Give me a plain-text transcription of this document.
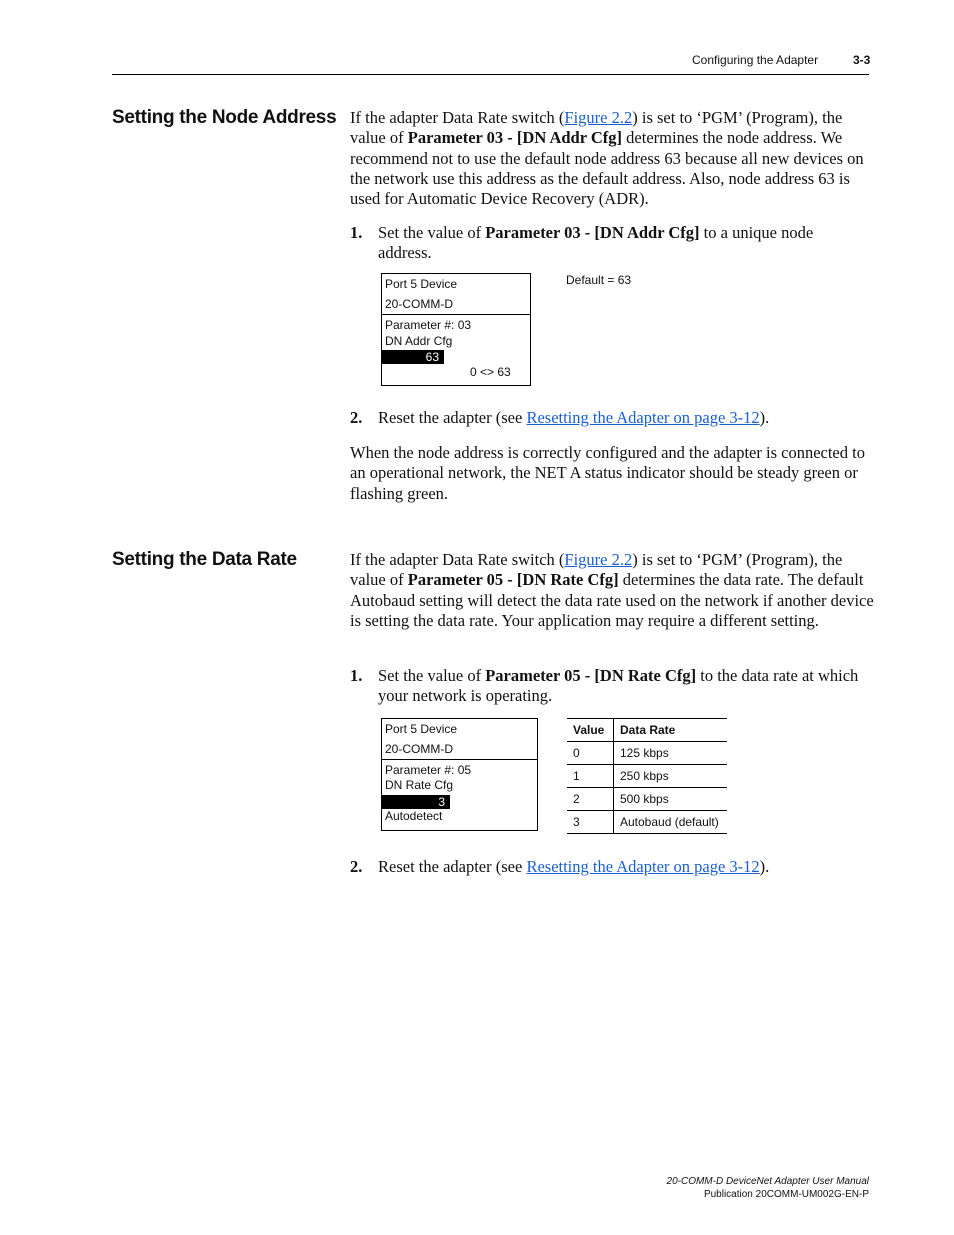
Configuring the Adapter	3-3
Setting the Node Address If the adapter Data Rate switch (Figure 2.2) is set to ‘PGM’ (Program), the value of Parameter 03 - [DN Addr Cfg] determines the node address. We recommend not to use the default node address 63 because all new devices on the network use this address as the default address. Also, node address 63 is used for Automatic Device Recovery (ADR).

1. Set the value of Parameter 03 - [DN Addr Cfg] to a unique node address.
Port 5 Device
20-COMM-D
Parameter #: 03
DN Addr Cfg
63
0 <> 63
Default = 63
2. Reset the adapter (see Resetting the Adapter on page 3-12).

When the node address is correctly configured and the adapter is connected to an operational network, the NET A status indicator should be steady green or flashing green.

Setting the Data Rate	If the adapter Data Rate switch (Figure 2.2) is set to ‘PGM’ (Program), the value of Parameter 05 - [DN Rate Cfg] determines the data rate. The default Autobaud setting will detect the data rate used on the network if another device is setting the data rate. Your application may require a different setting.

1. Set the value of Parameter 05 - [DN Rate Cfg] to the data rate at which your network is operating.
Port 5 Device
20-COMM-D
Parameter #: 05
DN Rate Cfg
3
Autodetect
Value	Data Rate
0	125 kbps
1	250 kbps
2	500 kbps
3	Autobaud (default)
2. Reset the adapter (see Resetting the Adapter on page 3-12).
20-COMM-D DeviceNet Adapter User Manual
Publication 20COMM-UM002G-EN-P
